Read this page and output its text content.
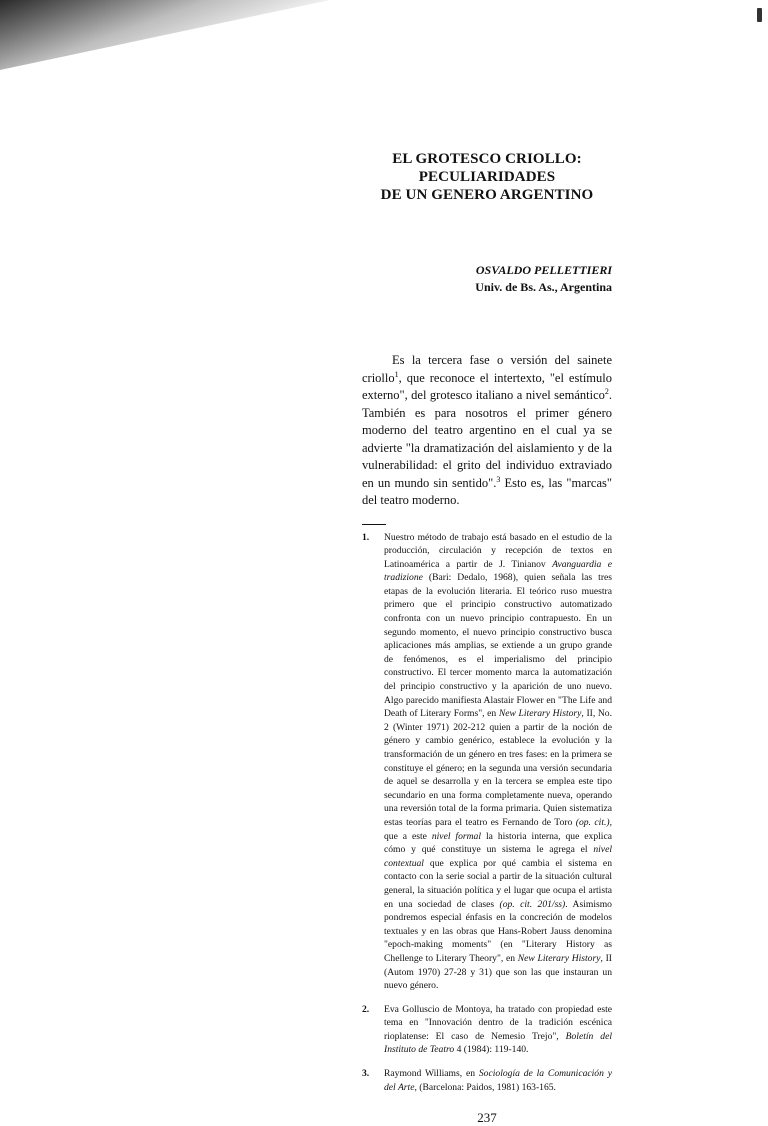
EL GROTESCO CRIOLLO: PECULIARIDADES
DE UN GENERO ARGENTINO
OSVALDO PELLETTIERI
Univ. de Bs. As., Argentina

Es la tercera fase o versión del sainete criollo$^1$, que reconoce el intertexto, "el estímulo externo", del grotesco italiano a nivel semántico$^2$. También es para nosotros el primer género moderno del teatro argentino en el cual ya se advierte "la dramatización del aislamiento y de la vulnerabilidad: el grito del individuo extraviado en un mundo sin sentido".$^3$ Esto es, las "marcas" del teatro moderno.

1.	Nuestro método de trabajo está basado en el estudio de la producción, circulación y recepción de textos en Latinoamérica a partir de J. Tinianov Avanguardia e tradizione (Bari: Dedalo, 1968), quien señala las tres etapas de la evolución literaria. El teórico ruso muestra primero que el principio constructivo automatizado confronta con un nuevo principio contrapuesto. En un segundo momento, el nuevo principio constructivo busca aplicaciones más amplias, se extiende a un grupo grande de fenómenos, es el imperialismo del principio constructivo. El tercer momento marca la automatización del principio constructivo y la aparición de uno nuevo. Algo parecido manifiesta Alastair Flower en "The Life and Death of Literary Forms", en New Literary History, II, No. 2 (Winter 1971) 202-212 quien a partir de la noción de género y cambio genérico, establece la evolución y la transformación de un género en tres fases: en la primera se constituye el género; en la segunda una versión secundaria de aquel se desarrolla y en la tercera se emplea este tipo secundario en una forma completamente nueva, operando una reversión total de la forma primaria. Quien sistematiza estas teorías para el teatro es Fernando de Toro (op. cit.), que a este nivel formal la historia interna, que explica cómo y qué constituye un sistema le agrega el nivel contextual que explica por qué cambia el sistema en contacto con la serie social a partir de la situación cultural general, la situación política y el lugar que ocupa el artista en una sociedad de clases (op. cit. 201/ss). Asimismo pondremos especial énfasis en la concreción de modelos textuales y en las obras que Hans-Robert Jauss denomina "epoch-making moments" (en "Literary History as Chellenge to Literary Theory", en New Literary History, II (Autom 1970) 27-28 y 31) que son las que instauran un nuevo género.
2.	Eva Golluscio de Montoya, ha tratado con propiedad este tema en "Innovación dentro de la tradición escénica rioplatense: El caso de Nemesio Trejo", Boletín del Instituto de Teatro 4 (1984): 119-140.
3.	Raymond Williams, en Sociología de la Comunicación y del Arte, (Barcelona: Paidos, 1981) 163-165.
237
